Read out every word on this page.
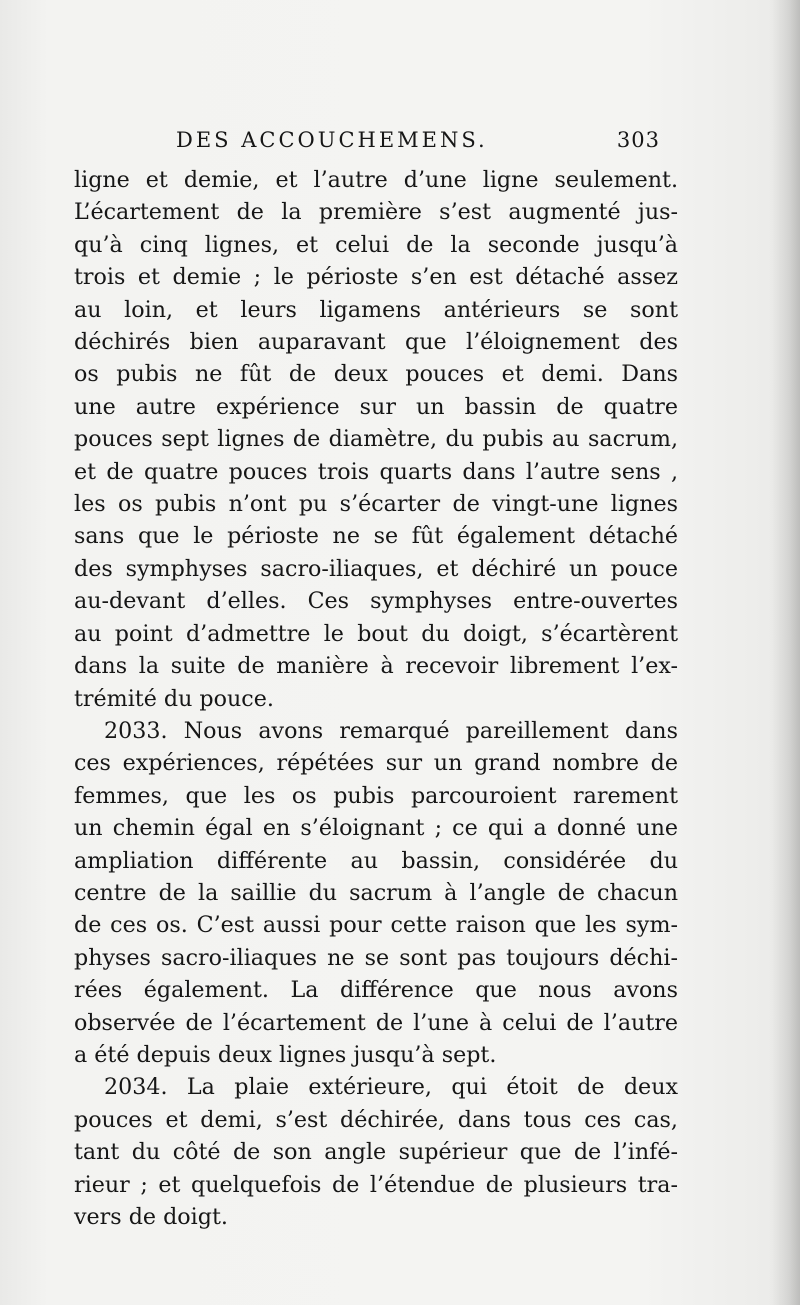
DES ACCOUCHEMENS.	303
ligne et demie, et l’autre d’une ligne seulement.
L’écartement de la première s’est augmenté jus-
qu’à cinq lignes, et celui de la seconde jusqu’à
trois et demie ; le périoste s’en est détaché assez
au loin, et leurs ligamens antérieurs se sont
déchirés bien auparavant que l’éloignement des
os pubis ne fût de deux pouces et demi. Dans
une autre expérience sur un bassin de quatre
pouces sept lignes de diamètre, du pubis au sacrum,
et de quatre pouces trois quarts dans l’autre sens ,
les os pubis n’ont pu s’écarter de vingt-une lignes
sans que le périoste ne se fût également détaché
des symphyses sacro-iliaques, et déchiré un pouce
au-devant d’elles. Ces symphyses entre-ouvertes
au point d’admettre le bout du doigt, s’écartèrent
dans la suite de manière à recevoir librement l’ex-
trémité du pouce.
2033. Nous avons remarqué pareillement dans
ces expériences, répétées sur un grand nombre de
femmes, que les os pubis parcouroient rarement
un chemin égal en s’éloignant ; ce qui a donné une
ampliation différente au bassin, considérée du
centre de la saillie du sacrum à l’angle de chacun
de ces os. C’est aussi pour cette raison que les sym-
physes sacro-iliaques ne se sont pas toujours déchi-
rées également. La différence que nous avons
observée de l’écartement de l’une à celui de l’autre
a été depuis deux lignes jusqu’à sept.
2034. La plaie extérieure, qui étoit de deux
pouces et demi, s’est déchirée, dans tous ces cas,
tant du côté de son angle supérieur que de l’infé-
rieur ; et quelquefois de l’étendue de plusieurs tra-
vers de doigt.
